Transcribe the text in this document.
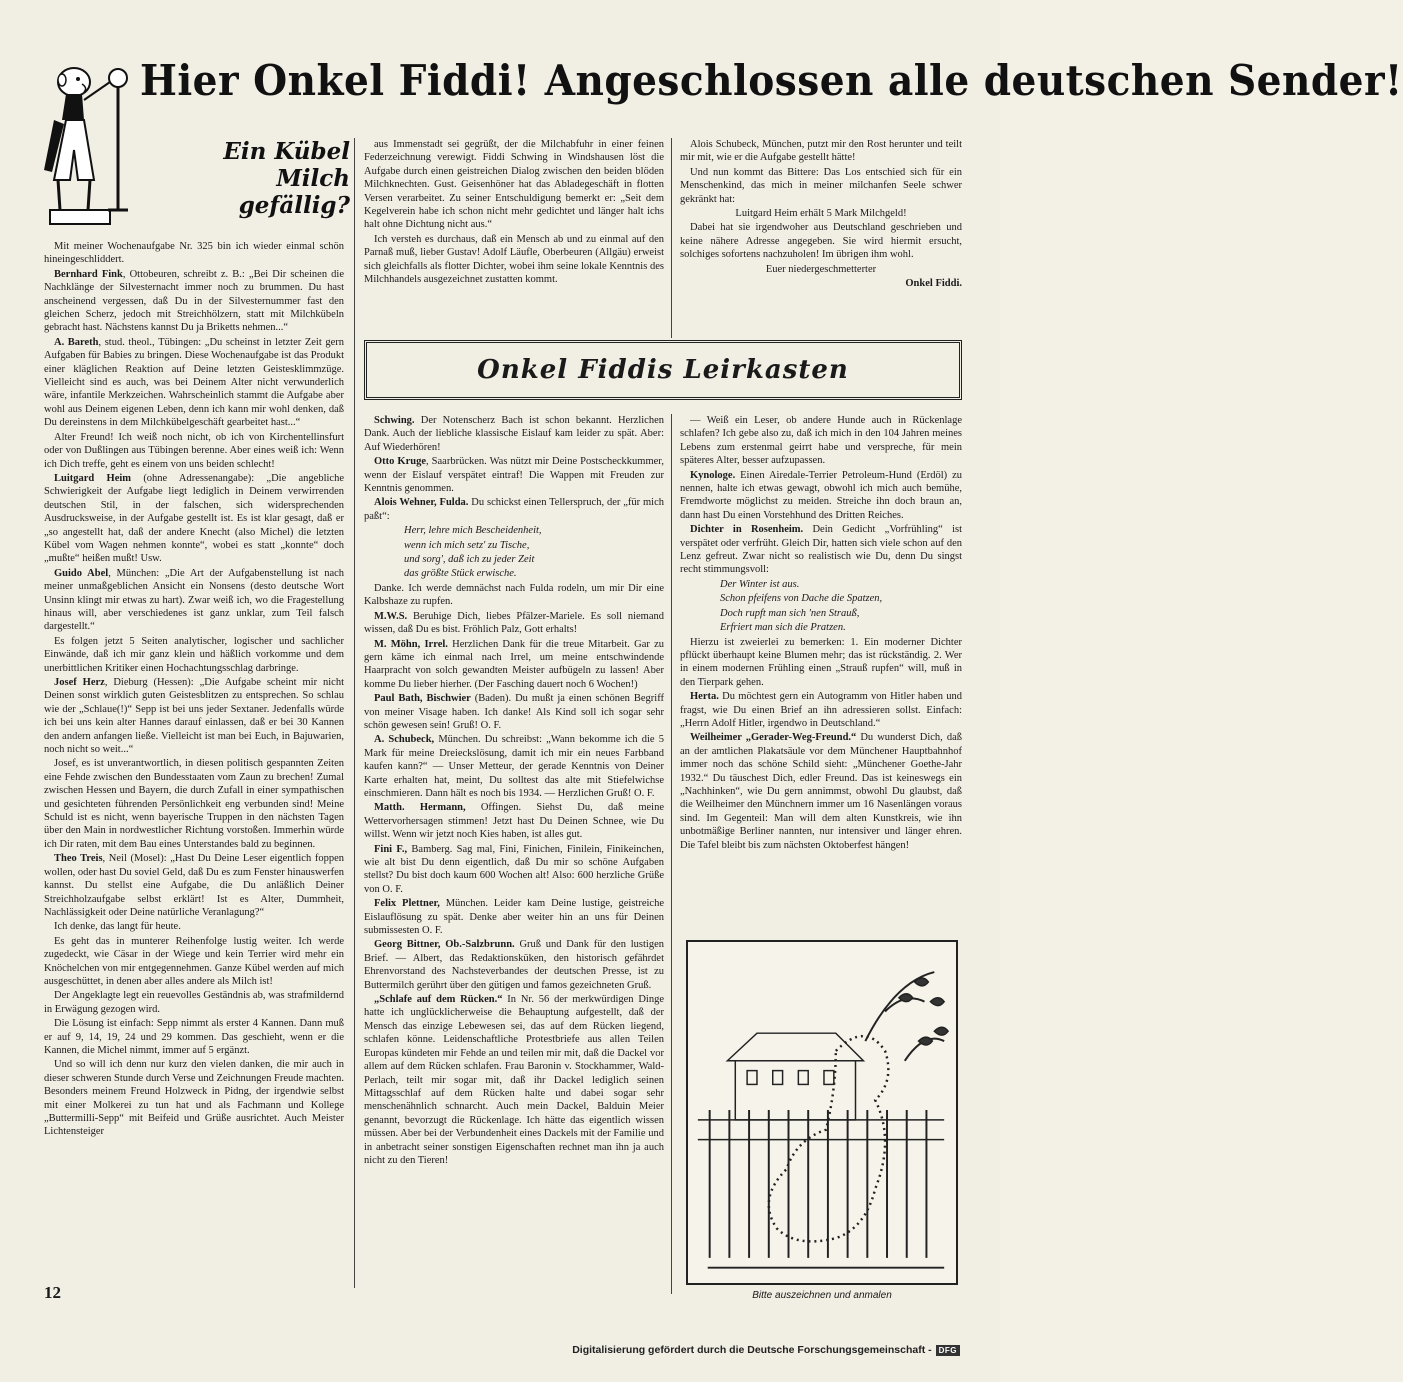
Hier Onkel Fiddi! Angeschlossen alle deutschen Sender!
Ein Kübel
Milch
gefällig?

Mit meiner Wochenaufgabe Nr. 325 bin ich wieder einmal schön hineingeschliddert.

Bernhard Fink, Ottobeuren, schreibt z. B.: „Bei Dir scheinen die Nachklänge der Silvesternacht immer noch zu brummen. Du hast anscheinend vergessen, daß Du in der Silvesternummer fast den gleichen Scherz, jedoch mit Streichhölzern, statt mit Milchkübeln gebracht hast. Nächstens kannst Du ja Briketts nehmen...“

A. Bareth, stud. theol., Tübingen: „Du scheinst in letzter Zeit gern Aufgaben für Babies zu bringen. Diese Wochenaufgabe ist das Produkt einer kläglichen Reaktion auf Deine letzten Geistesklimmzüge. Vielleicht sind es auch, was bei Deinem Alter nicht verwunderlich wäre, infantile Merkzeichen. Wahrscheinlich stammt die Aufgabe aber wohl aus Deinem eigenen Leben, denn ich kann mir wohl denken, daß Du dereinstens in dem Milchkübelgeschäft gearbeitet hast...“

Alter Freund! Ich weiß noch nicht, ob ich von Kirchentellinsfurt oder von Dußlingen aus Tübingen berenne. Aber eines weiß ich: Wenn ich Dich treffe, geht es einem von uns beiden schlecht!

Luitgard Heim (ohne Adressenangabe): „Die angebliche Schwierigkeit der Aufgabe liegt lediglich in Deinem verwirrenden deutschen Stil, in der falschen, sich widersprechenden Ausdrucksweise, in der Aufgabe gestellt ist. Es ist klar gesagt, daß er „so angestellt hat, daß der andere Knecht (also Michel) die letzten Kübel vom Wagen nehmen konnte“, wobei es statt „konnte“ doch „mußte“ heißen mußt! Usw.

Guido Abel, München: „Die Art der Aufgabenstellung ist nach meiner unmaßgeblichen Ansicht ein Nonsens (desto deutsche Wort Unsinn klingt mir etwas zu hart). Zwar weiß ich, wo die Fragestellung hinaus will, aber verschiedenes ist ganz unklar, zum Teil falsch dargestellt.“

Es folgen jetzt 5 Seiten analytischer, logischer und sachlicher Einwände, daß ich mir ganz klein und häßlich vorkomme und dem unerbittlichen Kritiker einen Hochachtungsschlag darbringe.

Josef Herz, Dieburg (Hessen): „Die Aufgabe scheint mir nicht Deinen sonst wirklich guten Geistesblitzen zu entsprechen. So schlau wie der „Schlaue(!)“ Sepp ist bei uns jeder Sextaner. Jedenfalls würde ich bei uns kein alter Hannes darauf einlassen, daß er bei 30 Kannen den andern anfangen ließe. Vielleicht ist man bei Euch, in Bajuwarien, noch nicht so weit...“

Josef, es ist unverantwortlich, in diesen politisch gespannten Zeiten eine Fehde zwischen den Bundesstaaten vom Zaun zu brechen! Zumal zwischen Hessen und Bayern, die durch Zufall in einer sympathischen und gesichteten führenden Persönlichkeit eng verbunden sind! Meine Schuld ist es nicht, wenn bayerische Truppen in den nächsten Tagen über den Main in nordwestlicher Richtung vorstoßen. Immerhin würde ich Dir raten, mit dem Bau eines Unterstandes bald zu beginnen.

Theo Treis, Neil (Mosel): „Hast Du Deine Leser eigentlich foppen wollen, oder hast Du soviel Geld, daß Du es zum Fenster hinauswerfen kannst. Du stellst eine Aufgabe, die Du anläßlich Deiner Streichholzaufgabe selbst erklärt! Ist es Alter, Dummheit, Nachlässigkeit oder Deine natürliche Veranlagung?“

Ich denke, das langt für heute.

Es geht das in munterer Reihenfolge lustig weiter. Ich werde zugedeckt, wie Cäsar in der Wiege und kein Terrier wird mehr ein Knöchelchen von mir entgegennehmen. Ganze Kübel werden auf mich ausgeschüttet, in denen aber alles andere als Milch ist!

Der Angeklagte legt ein reuevolles Geständnis ab, was strafmildernd in Erwägung gezogen wird.

Die Lösung ist einfach: Sepp nimmt als erster 4 Kannen. Dann muß er auf 9, 14, 19, 24 und 29 kommen. Das geschieht, wenn er die Kannen, die Michel nimmt, immer auf 5 ergänzt.

Und so will ich denn nur kurz den vielen danken, die mir auch in dieser schweren Stunde durch Verse und Zeichnungen Freude machten. Besonders meinem Freund Holzweck in Pidng, der irgendwie selbst mit einer Molkerei zu tun hat und als Fachmann und Kollege „Buttermilli-Sepp“ mit Beifeid und Grüße ausrichtet. Auch Meister Lichtensteiger

aus Immenstadt sei gegrüßt, der die Milchabfuhr in einer feinen Federzeichnung verewigt. Fiddi Schwing in Windshausen löst die Aufgabe durch einen geistreichen Dialog zwischen den beiden blöden Milchknechten. Gust. Geisenhöner hat das Abladegeschäft in flotten Versen verarbeitet. Zu seiner Entschuldigung bemerkt er: „Seit dem Kegelverein habe ich schon nicht mehr gedichtet und länger halt ichs halt ohne Dichtung nicht aus.“

Ich versteh es durchaus, daß ein Mensch ab und zu einmal auf den Parnaß muß, lieber Gustav! Adolf Läufle, Oberbeuren (Allgäu) erweist sich gleichfalls als flotter Dichter, wobei ihm seine lokale Kenntnis des Milchhandels ausgezeichnet zustatten kommt.

Alois Schubeck, München, putzt mir den Rost herunter und teilt mir mit, wie er die Aufgabe gestellt hätte!

Und nun kommt das Bittere: Das Los entschied sich für ein Menschenkind, das mich in meiner milchanfen Seele schwer gekränkt hat:

Luitgard Heim erhält 5 Mark Milchgeld!

Dabei hat sie irgendwoher aus Deutschland geschrieben und keine nähere Adresse angegeben. Sie wird hiermit ersucht, solchiges sofortens nachzuholen! Im übrigen ihm wohl.

Euer niedergeschmetterter

Onkel Fiddi.

Onkel Fiddis Leirkasten

Schwing. Der Notenscherz Bach ist schon bekannt. Herzlichen Dank. Auch der liebliche klassische Eislauf kam leider zu spät. Aber: Auf Wiederhören!

Otto Kruge, Saarbrücken. Was nützt mir Deine Postscheckkummer, wenn der Eislauf verspätet eintraf! Die Wappen mit Freuden zur Kenntnis genommen.

Alois Wehner, Fulda. Du schickst einen Tellerspruch, der „für mich paßt“:

Herr, lehre mich Bescheidenheit,

wenn ich mich setz' zu Tische,

und sorg', daß ich zu jeder Zeit

das größte Stück erwische.

Danke. Ich werde demnächst nach Fulda rodeln, um mir Dir eine Kalbshaze zu rupfen.

M.W.S. Beruhige Dich, liebes Pfälzer-Mariele. Es soll niemand wissen, daß Du es bist. Fröhlich Palz, Gott erhalts!

M. Möhn, Irrel. Herzlichen Dank für die treue Mitarbeit. Gar zu gern käme ich einmal nach Irrel, um meine entschwindende Haarpracht von solch gewandten Meister aufbügeln zu lassen! Aber komme Du lieber hierher. (Der Fasching dauert noch 6 Wochen!)

Paul Bath, Bischwier (Baden). Du mußt ja einen schönen Begriff von meiner Visage haben. Ich danke! Als Kind soll ich sogar sehr schön gewesen sein! Gruß! O. F.

A. Schubeck, München. Du schreibst: „Wann bekomme ich die 5 Mark für meine Dreieckslösung, damit ich mir ein neues Farbband kaufen kann?“ — Unser Metteur, der gerade Kenntnis von Deiner Karte erhalten hat, meint, Du solltest das alte mit Stiefelwichse einschmieren. Dann hält es noch bis 1934. — Herzlichen Gruß! O. F.

Matth. Hermann, Offingen. Siehst Du, daß meine Wettervorhersagen stimmen! Jetzt hast Du Deinen Schnee, wie Du willst. Wenn wir jetzt noch Kies haben, ist alles gut.

Fini F., Bamberg. Sag mal, Fini, Finichen, Finilein, Finikeinchen, wie alt bist Du denn eigentlich, daß Du mir so schöne Aufgaben stellst? Du bist doch kaum 600 Wochen alt! Also: 600 herzliche Grüße von O. F.

Felix Plettner, München. Leider kam Deine lustige, geistreiche Eislauflösung zu spät. Denke aber weiter hin an uns für Deinen submissesten O. F.

Georg Bittner, Ob.-Salzbrunn. Gruß und Dank für den lustigen Brief. — Albert, das Redaktionsküken, den historisch gefährdet Ehrenvorstand des Nachsteverbandes der deutschen Presse, ist zu Buttermilch gerührt über den gütigen und famos gezeichneten Gruß.

„Schlafe auf dem Rücken.“ In Nr. 56 der merkwürdigen Dinge hatte ich unglücklicherweise die Behauptung aufgestellt, daß der Mensch das einzige Lebewesen sei, das auf dem Rücken liegend, schlafen könne. Leidenschaftliche Protestbriefe aus allen Teilen Europas kündeten mir Fehde an und teilen mir mit, daß die Dackel vor allem auf dem Rücken schlafen. Frau Baronin v. Stockhammer, Wald-Perlach, teilt mir sogar mit, daß ihr Dackel lediglich seinen Mittagsschlaf auf dem Rücken halte und dabei sogar sehr menschenähnlich schnarcht. Auch mein Dackel, Balduin Meier genannt, bevorzugt die Rückenlage. Ich hätte das eigentlich wissen müssen. Aber bei der Verbundenheit eines Dackels mit der Familie und in anbetracht seiner sonstigen Eigenschaften rechnet man ihn ja auch nicht zu den Tieren!

— Weiß ein Leser, ob andere Hunde auch in Rückenlage schlafen? Ich gebe also zu, daß ich mich in den 104 Jahren meines Lebens zum erstenmal geirrt habe und verspreche, für mein späteres Alter, besser aufzupassen.

Kynologe. Einen Airedale-Terrier Petroleum-Hund (Erdöl) zu nennen, halte ich etwas gewagt, obwohl ich mich auch bemühe, Fremdworte möglichst zu meiden. Streiche ihn doch braun an, dann hast Du einen Vorstehhund des Dritten Reiches.

Dichter in Rosenheim. Dein Gedicht „Vorfrühling“ ist verspätet oder verfrüht. Gleich Dir, hatten sich viele schon auf den Lenz gefreut. Zwar nicht so realistisch wie Du, denn Du singst recht stimmungsvoll:

Der Winter ist aus.

Schon pfeifens von Dache die Spatzen,

Doch rupft man sich 'nen Strauß,

Erfriert man sich die Pratzen.

Hierzu ist zweierlei zu bemerken: 1. Ein moderner Dichter pflückt überhaupt keine Blumen mehr; das ist rückständig. 2. Wer in einem modernen Frühling einen „Strauß rupfen“ will, muß in den Tierpark gehen.

Herta. Du möchtest gern ein Autogramm von Hitler haben und fragst, wie Du einen Brief an ihn adressieren sollst. Einfach: „Herrn Adolf Hitler, irgendwo in Deutschland.“

Weilheimer „Gerader-Weg-Freund.“ Du wunderst Dich, daß an der amtlichen Plakatsäule vor dem Münchener Hauptbahnhof immer noch das schöne Schild sieht: „Münchener Goethe-Jahr 1932.“ Du täuschest Dich, edler Freund. Das ist keineswegs ein „Nachhinken“, wie Du gern annimmst, obwohl Du glaubst, daß die Weilheimer den Münchnern immer um 16 Nasenlängen voraus sind. Im Gegenteil: Man will dem alten Kunstkreis, wie ihn unbotmäßige Berliner nannten, nur intensiver und länger ehren. Die Tafel bleibt bis zum nächsten Oktoberfest hängen!

Bitte auszeichnen und anmalen
12
Digitalisierung gefördert durch die Deutsche Forschungsgemeinschaft - DFG
